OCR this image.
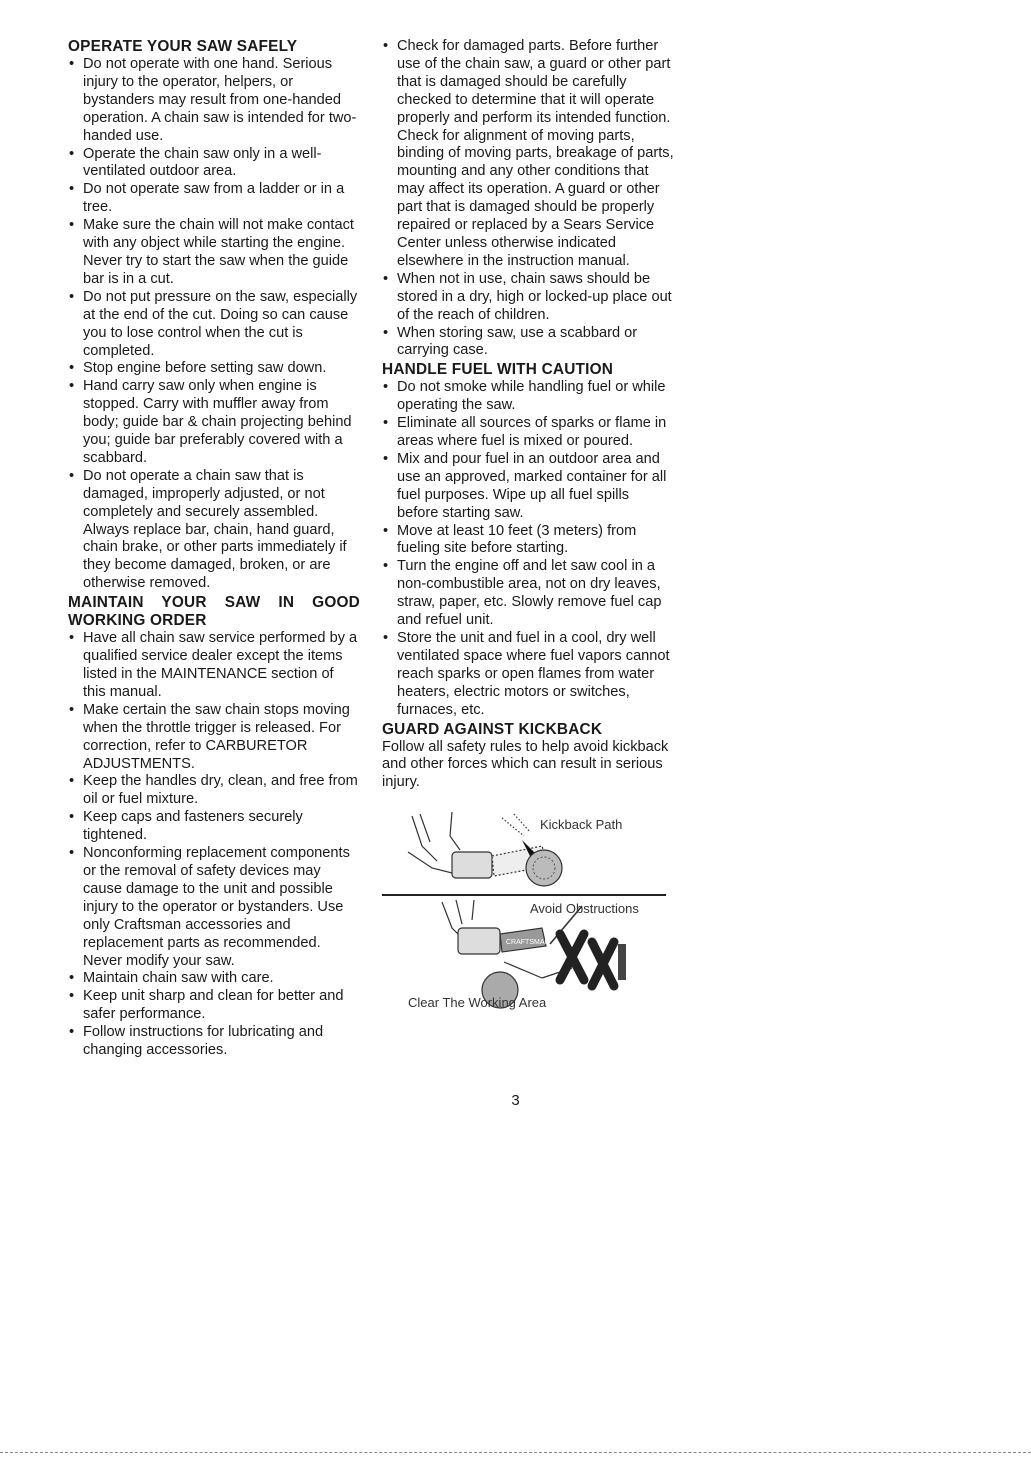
OPERATE YOUR SAW SAFELY

• Do not operate with one hand. Serious injury to the operator, helpers, or bystanders may result from one-handed operation. A chain saw is intended for two-handed use.
• Operate the chain saw only in a well-ventilated outdoor area.
• Do not operate saw from a ladder or in a tree.
• Make sure the chain will not make contact with any object while starting the engine. Never try to start the saw when the guide bar is in a cut.
• Do not put pressure on the saw, especially at the end of the cut. Doing so can cause you to lose control when the cut is completed.
• Stop engine before setting saw down.
• Hand carry saw only when engine is stopped. Carry with muffler away from body; guide bar & chain projecting behind you; guide bar preferably covered with a scabbard.
• Do not operate a chain saw that is damaged, improperly adjusted, or not completely and securely assembled. Always replace bar, chain, hand guard, chain brake, or other parts immediately if they become damaged, broken, or are otherwise removed.

MAINTAIN YOUR SAW IN GOOD

WORKING ORDER

• Have all chain saw service performed by a qualified service dealer except the items listed in the MAINTENANCE section of this manual.
• Make certain the saw chain stops moving when the throttle trigger is released. For correction, refer to CARBURETOR ADJUSTMENTS.
• Keep the handles dry, clean, and free from oil or fuel mixture.
• Keep caps and fasteners securely tightened.
• Nonconforming replacement components or the removal of safety devices may cause damage to the unit and possible injury to the operator or bystanders. Use only Craftsman accessories and replacement parts as recommended. Never modify your saw.
• Maintain chain saw with care.
• Keep unit sharp and clean for better and safer performance.
• Follow instructions for lubricating and changing accessories.
• Check for damaged parts. Before further use of the chain saw, a guard or other part that is damaged should be carefully checked to determine that it will operate properly and perform its intended function. Check for alignment of moving parts, binding of moving parts, breakage of parts, mounting and any other conditions that may affect its operation. A guard or other part that is damaged should be properly repaired or replaced by a Sears Service Center unless otherwise indicated elsewhere in the instruction manual.
• When not in use, chain saws should be stored in a dry, high or locked-up place out of the reach of children.
• When storing saw, use a scabbard or carrying case.

HANDLE FUEL WITH CAUTION

• Do not smoke while handling fuel or while operating the saw.
• Eliminate all sources of sparks or flame in areas where fuel is mixed or poured.
• Mix and pour fuel in an outdoor area and use an approved, marked container for all fuel purposes. Wipe up all fuel spills before starting saw.
• Move at least 10 feet (3 meters) from fueling site before starting.
• Turn the engine off and let saw cool in a non-combustible area, not on dry leaves, straw, paper, etc. Slowly remove fuel cap and refuel unit.
• Store the unit and fuel in a cool, dry well ventilated space where fuel vapors cannot reach sparks or open flames from water heaters, electric motors or switches, furnaces, etc.

GUARD AGAINST KICKBACK

Follow all safety rules to help avoid kickback and other forces which can result in serious injury.

Kickback Path
CRAFTSMAN
Avoid Obstructions
Clear The Working Area
3
